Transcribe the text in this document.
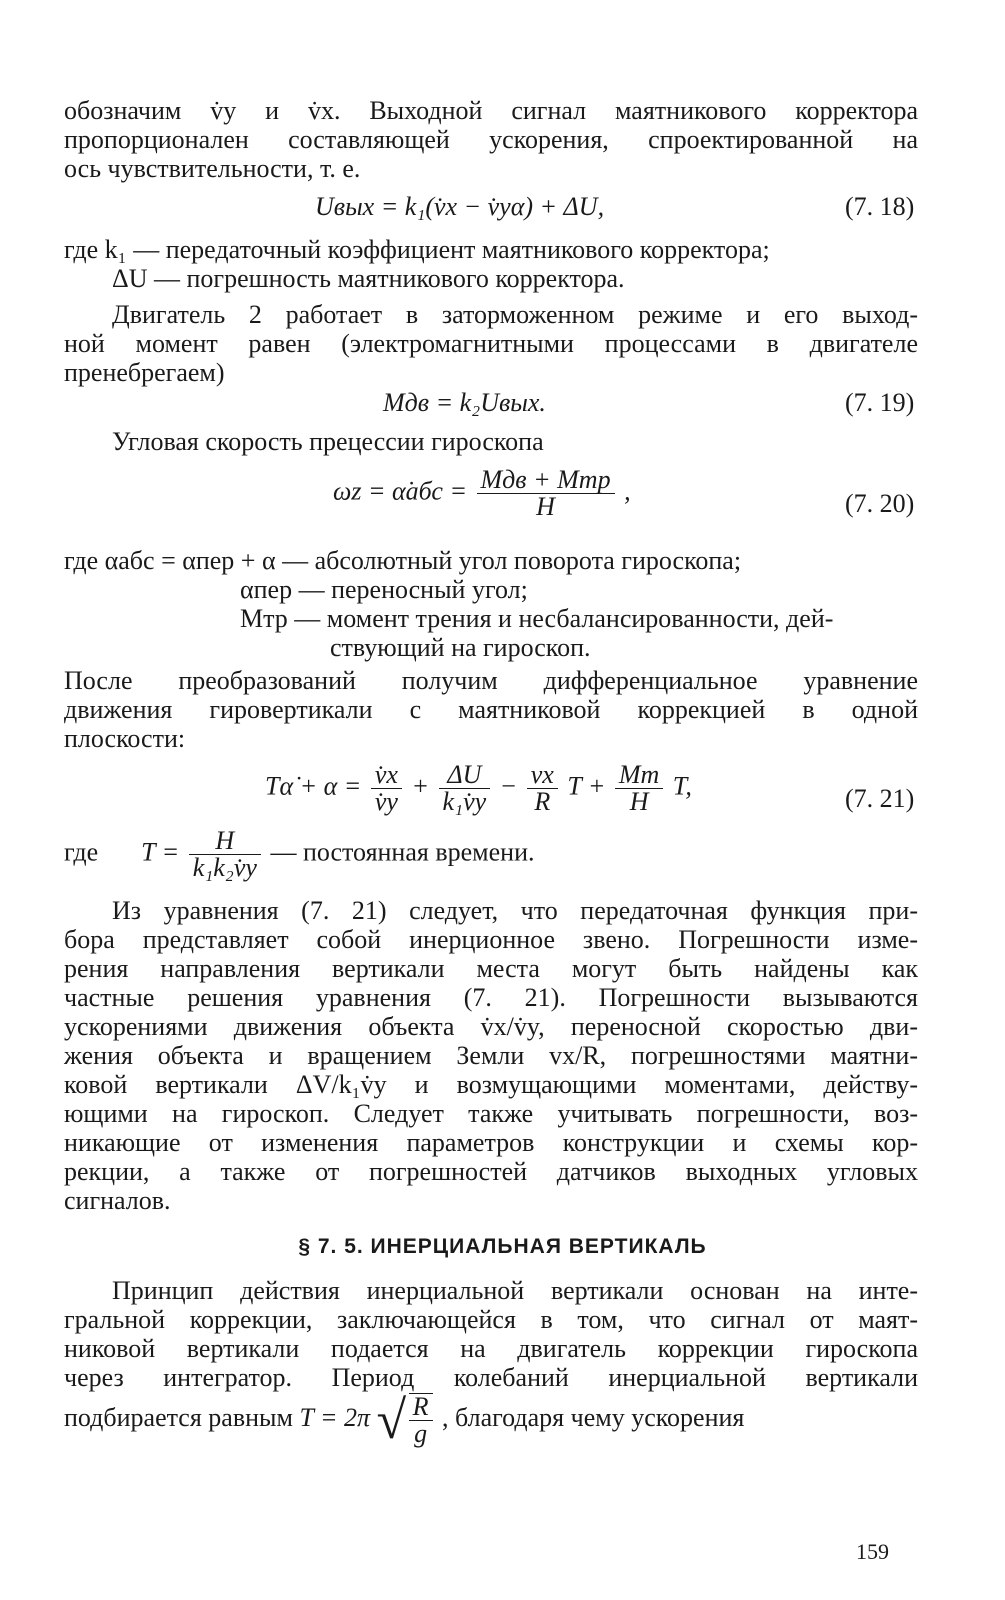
обозначим v̇y и v̇x. Выходной сигнал маятникового корректора
пропорционален составляющей ускорения, спроектированной на
ось чувствительности, т. е.
Uвых = k₁(v̇x − v̇yα) + ΔU,	(7. 18)
где k₁ — передаточный коэффициент маятникового корректора;
ΔU — погрешность маятникового корректора.
Двигатель 2 работает в заторможенном режиме и его выход-
ной момент равен (электромагнитными процессами в двигателе
пренебрегаем)
Mдв = k₂Uвых.	(7. 19)
Угловая скорость прецессии гироскопа
ωz = α̇абс = $\frac{\text{Mдв + Mтр}}{H}$ ,	(7. 20)
где αабс = αпер + α — абсолютный угол поворота гироскопа;
αпер — переносный угол;
Mтр — момент трения и несбалансированности, дей-
ствующий на гироскоп.
После преобразований получим дифференциальное уравнение
движения гировертикали с маятниковой коррекцией в одной
плоскости:
Tα̇ + $\alpha = \frac{v̇x}{v̇y} + \frac{\Delta U}{\text{k₁v̇y}} - \frac{vx}{R}$ $T + \frac{Mт}{H} T$,	(7. 21)
где $T = \frac{H}{\text{k₁k₂v̇y}}$ — постоянная времени.
Из уравнения (7. 21) следует, что передаточная функция при-
бора представляет собой инерционное звено. Погрешности изме-
рения направления вертикали места могут быть найдены как
частные решения уравнения (7. 21). Погрешности вызываются
ускорениями движения объекта v̇x/v̇y, переносной скоростью дви-
жения объекта и вращением Земли vx/R, погрешностями маятни-
ковой вертикали ΔV/k₁v̇y и возмущающими моментами, действу-
ющими на гироскоп. Следует также учитывать погрешности, воз-
никающие от изменения параметров конструкции и схемы кор-
рекции, а также от погрешностей датчиков выходных угловых
сигналов.
§ 7. 5. ИНЕРЦИАЛЬНАЯ ВЕРТИКАЛЬ
Принцип действия инерциальной вертикали основан на инте-
гральной коррекции, заключающейся в том, что сигнал от маят-
никовой вертикали подается на двигатель коррекции гироскопа
через интегратор. Период колебаний инерциальной вертикали
подбирается равным T = 2π √ $\frac{R}{g}$ , благодаря чему ускорения
159
